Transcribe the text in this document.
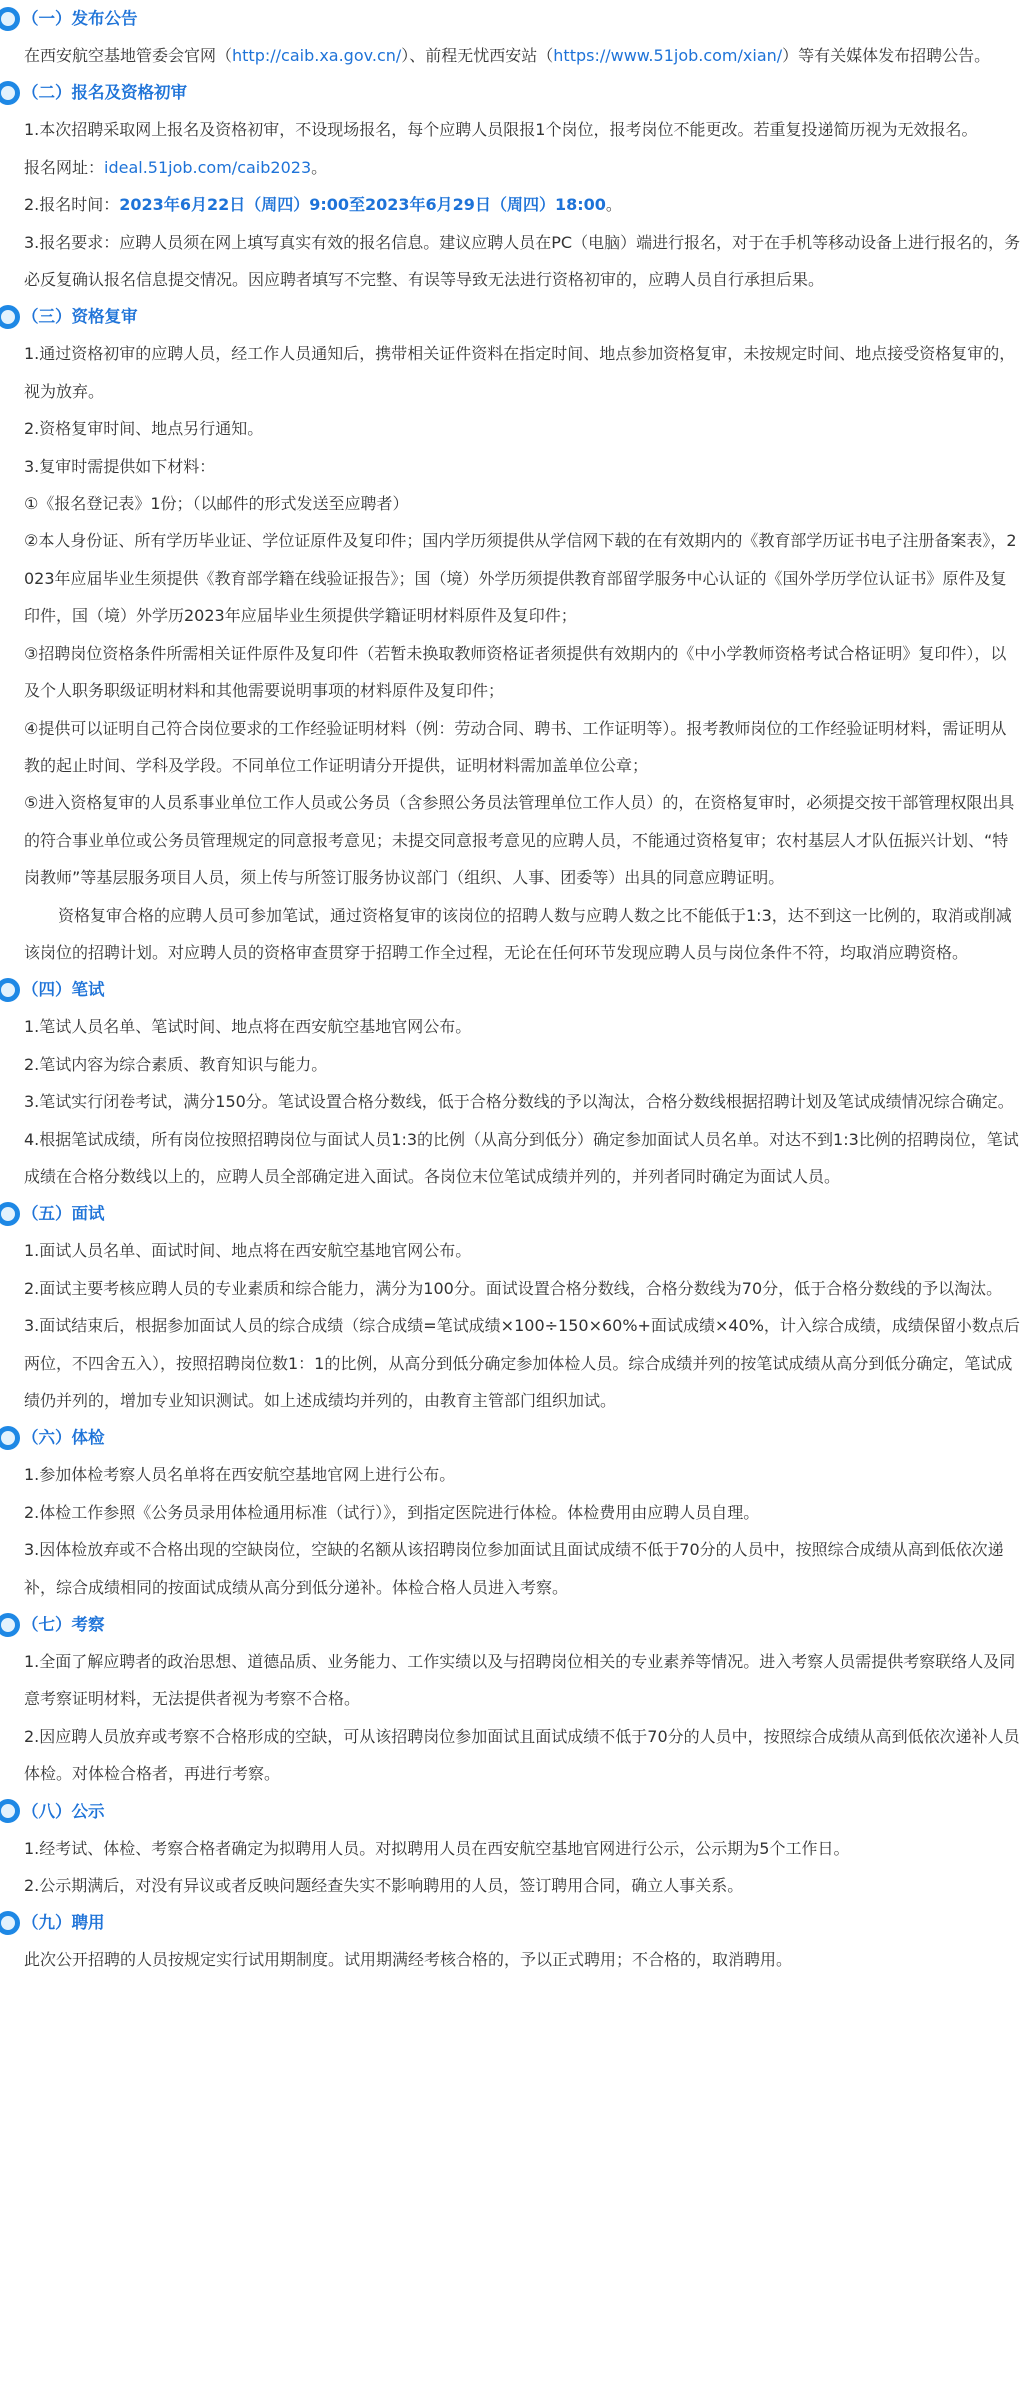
（一）发布公告

在西安航空基地管委会官网（http://caib.xa.gov.cn/）、前程无忧西安站（https://www.51job.com/xian/）等有关媒体发布招聘公告。

（二）报名及资格初审

1.本次招聘采取网上报名及资格初审，不设现场报名，每个应聘人员限报1个岗位，报考岗位不能更改。若重复投递简历视为无效报名。

报名网址：ideal.51job.com/caib2023。

2.报名时间：2023年6月22日（周四）9:00至2023年6月29日（周四）18:00。

3.报名要求：应聘人员须在网上填写真实有效的报名信息。建议应聘人员在PC（电脑）端进行报名，对于在手机等移动设备上进行报名的，务必反复确认报名信息提交情况。因应聘者填写不完整、有误等导致无法进行资格初审的，应聘人员自行承担后果。

（三）资格复审

1.通过资格初审的应聘人员，经工作人员通知后，携带相关证件资料在指定时间、地点参加资格复审，未按规定时间、地点接受资格复审的，视为放弃。

2.资格复审时间、地点另行通知。

3.复审时需提供如下材料：

①《报名登记表》1份；（以邮件的形式发送至应聘者）

②本人身份证、所有学历毕业证、学位证原件及复印件；国内学历须提供从学信网下载的在有效期内的《教育部学历证书电子注册备案表》，2023年应届毕业生须提供《教育部学籍在线验证报告》；国（境）外学历须提供教育部留学服务中心认证的《国外学历学位认证书》原件及复印件，国（境）外学历2023年应届毕业生须提供学籍证明材料原件及复印件；

③招聘岗位资格条件所需相关证件原件及复印件（若暂未换取教师资格证者须提供有效期内的《中小学教师资格考试合格证明》复印件），以及个人职务职级证明材料和其他需要说明事项的材料原件及复印件；

④提供可以证明自己符合岗位要求的工作经验证明材料（例：劳动合同、聘书、工作证明等）。报考教师岗位的工作经验证明材料，需证明从教的起止时间、学科及学段。不同单位工作证明请分开提供，证明材料需加盖单位公章；

⑤进入资格复审的人员系事业单位工作人员或公务员（含参照公务员法管理单位工作人员）的，在资格复审时，必须提交按干部管理权限出具的符合事业单位或公务员管理规定的同意报考意见；未提交同意报考意见的应聘人员，不能通过资格复审；农村基层人才队伍振兴计划、“特岗教师”等基层服务项目人员，须上传与所签订服务协议部门（组织、人事、团委等）出具的同意应聘证明。

资格复审合格的应聘人员可参加笔试，通过资格复审的该岗位的招聘人数与应聘人数之比不能低于1:3，达不到这一比例的，取消或削减该岗位的招聘计划。对应聘人员的资格审查贯穿于招聘工作全过程，无论在任何环节发现应聘人员与岗位条件不符，均取消应聘资格。

（四）笔试

1.笔试人员名单、笔试时间、地点将在西安航空基地官网公布。

2.笔试内容为综合素质、教育知识与能力。

3.笔试实行闭卷考试，满分150分。笔试设置合格分数线，低于合格分数线的予以淘汰，合格分数线根据招聘计划及笔试成绩情况综合确定。

4.根据笔试成绩，所有岗位按照招聘岗位与面试人员1:3的比例（从高分到低分）确定参加面试人员名单。对达不到1:3比例的招聘岗位，笔试成绩在合格分数线以上的，应聘人员全部确定进入面试。各岗位末位笔试成绩并列的，并列者同时确定为面试人员。

（五）面试

1.面试人员名单、面试时间、地点将在西安航空基地官网公布。

2.面试主要考核应聘人员的专业素质和综合能力，满分为100分。面试设置合格分数线，合格分数线为70分，低于合格分数线的予以淘汰。

3.面试结束后，根据参加面试人员的综合成绩（综合成绩=笔试成绩×100÷150×60%+面试成绩×40%，计入综合成绩，成绩保留小数点后两位，不四舍五入），按照招聘岗位数1：1的比例，从高分到低分确定参加体检人员。综合成绩并列的按笔试成绩从高分到低分确定，笔试成绩仍并列的，增加专业知识测试。如上述成绩均并列的，由教育主管部门组织加试。

（六）体检

1.参加体检考察人员名单将在西安航空基地官网上进行公布。

2.体检工作参照《公务员录用体检通用标准（试行）》，到指定医院进行体检。体检费用由应聘人员自理。

3.因体检放弃或不合格出现的空缺岗位，空缺的名额从该招聘岗位参加面试且面试成绩不低于70分的人员中，按照综合成绩从高到低依次递补，综合成绩相同的按面试成绩从高分到低分递补。体检合格人员进入考察。

（七）考察

1.全面了解应聘者的政治思想、道德品质、业务能力、工作实绩以及与招聘岗位相关的专业素养等情况。进入考察人员需提供考察联络人及同意考察证明材料，无法提供者视为考察不合格。

2.因应聘人员放弃或考察不合格形成的空缺，可从该招聘岗位参加面试且面试成绩不低于70分的人员中，按照综合成绩从高到低依次递补人员体检。对体检合格者，再进行考察。

（八）公示

1.经考试、体检、考察合格者确定为拟聘用人员。对拟聘用人员在西安航空基地官网进行公示，公示期为5个工作日。

2.公示期满后，对没有异议或者反映问题经查失实不影响聘用的人员，签订聘用合同，确立人事关系。

（九）聘用

此次公开招聘的人员按规定实行试用期制度。试用期满经考核合格的，予以正式聘用；不合格的，取消聘用。
